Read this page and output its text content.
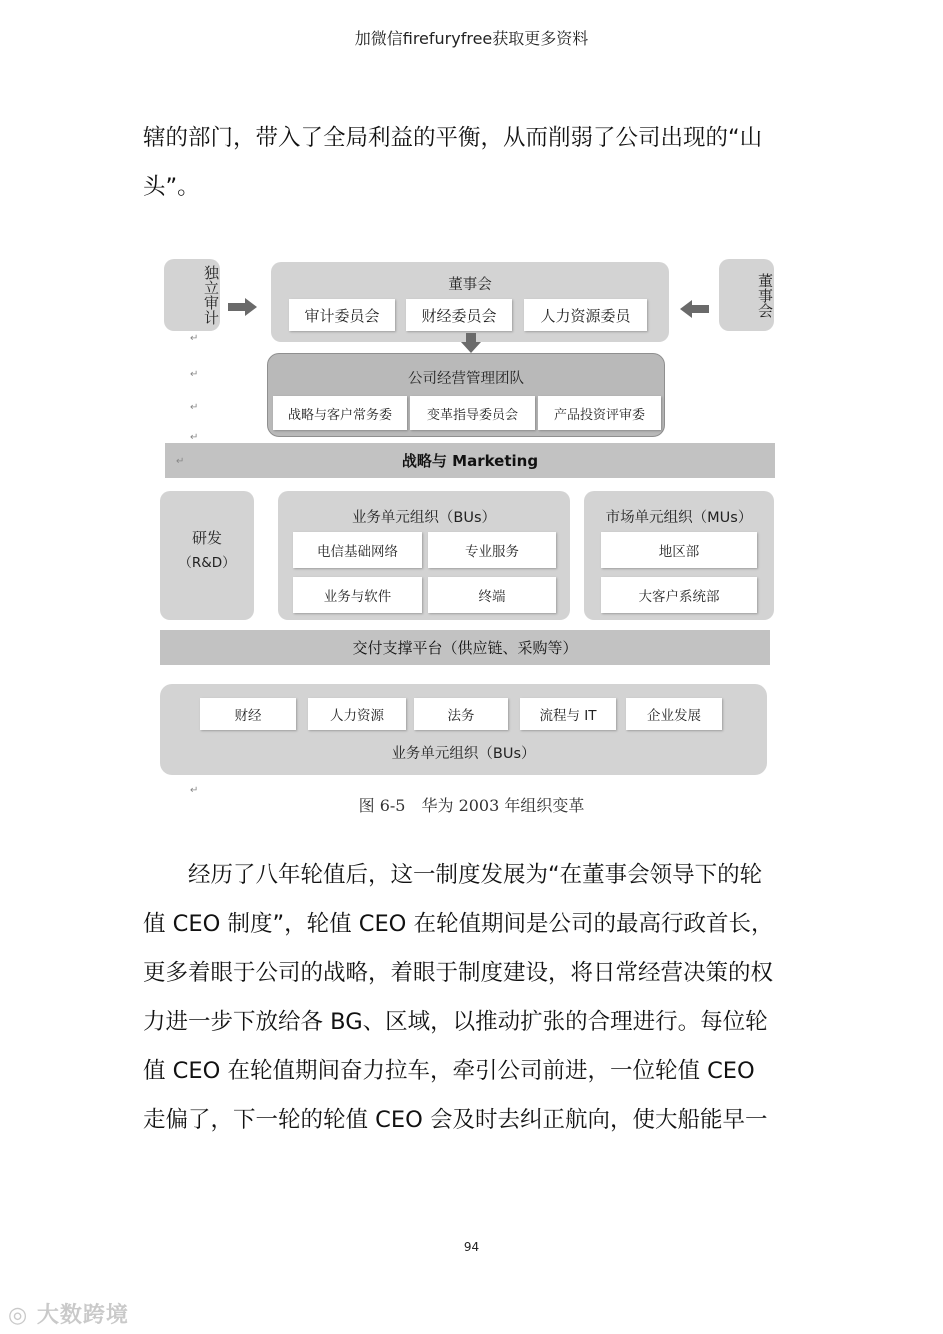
加微信firefuryfree获取更多资料

辖的部门，带入了全局利益的平衡，从而削弱了公司出现的“山

头”。

独立审计	董事会
审计委员会	财经委员会	人力资源委员	董事会
公司经营管理团队
战略与客户常务委	变革指导委员会	产品投资评审委
战略与 Marketing
研发
（R&D）
业务单元组织（BUs）
电信基础网络	专业服务
业务与软件	终端
市场单元组织（MUs）
地区部
大客户系统部
交付支撑平台（供应链、采购等）
财经	人力资源	法务	流程与 IT	企业发展
业务单元组织（BUs）
↵
↵
↵
↵
↵
↵
图 6-5　华为 2003 年组织变革

　　经历了八年轮值后，这一制度发展为“在董事会领导下的轮

值 CEO 制度”，轮值 CEO 在轮值期间是公司的最高行政首长，

更多着眼于公司的战略，着眼于制度建设，将日常经营决策的权

力进一步下放给各 BG、区域，以推动扩张的合理进行。每位轮

值 CEO 在轮值期间奋力拉车，牵引公司前进，一位轮值 CEO

走偏了，下一轮的轮值 CEO 会及时去纠正航向，使大船能早一

94
◎ 大数跨境
